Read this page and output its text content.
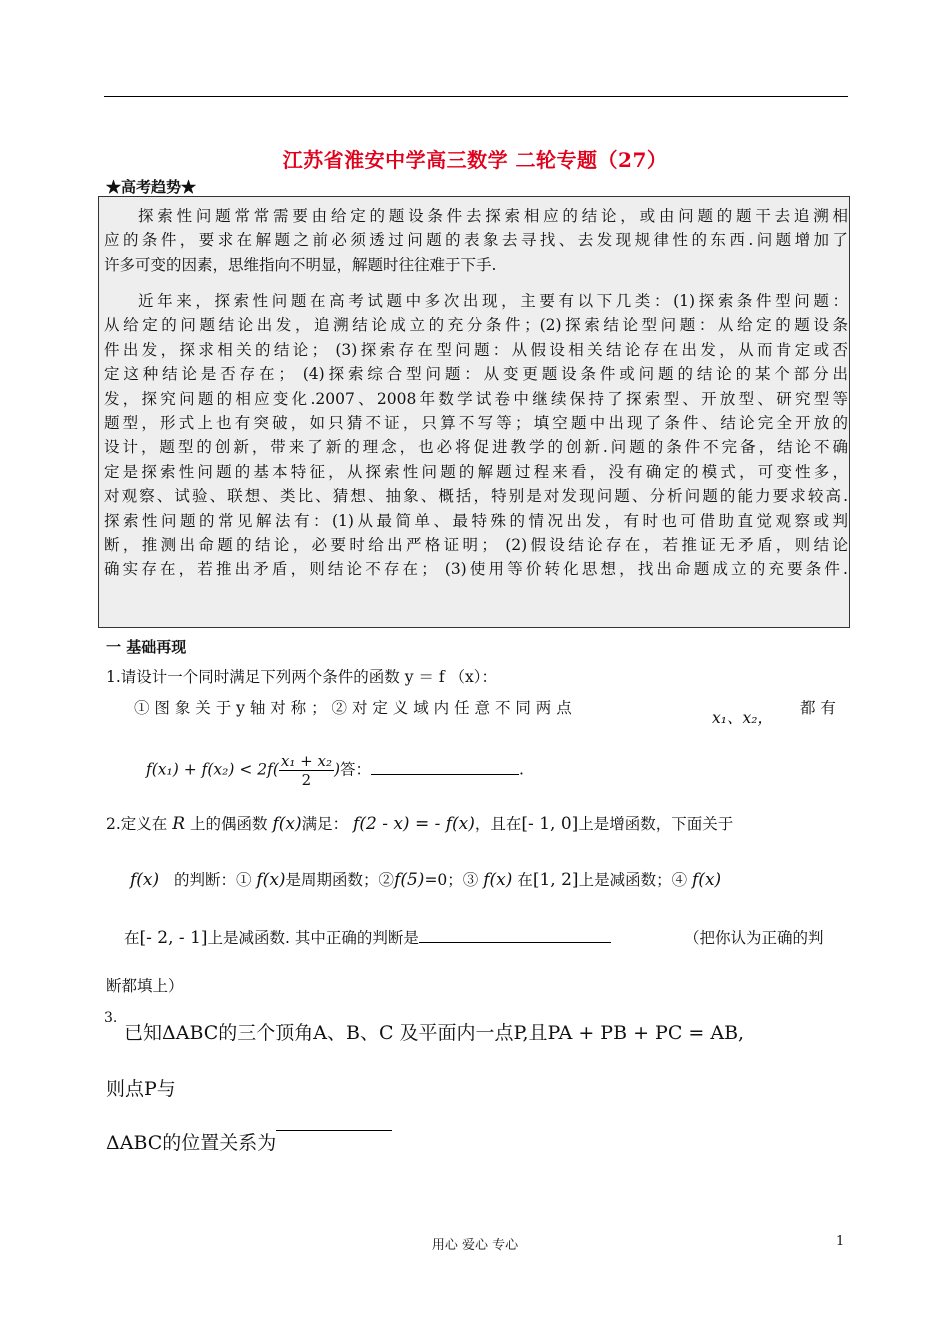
江苏省淮安中学高三数学 二轮专题（27）
★高考趋势★
探索性问题常常需要由给定的题设条件去探索相应的结论，或由问题的题干去追溯相
应的条件，要求在解题之前必须透过问题的表象去寻找、去发现规律性的东西.问题增加了
许多可变的因素，思维指向不明显，解题时往往难于下手.
近年来，探索性问题在高考试题中多次出现，主要有以下几类：(1)探索条件型问题：
从给定的问题结论出发，追溯结论成立的充分条件；(2)探索结论型问题：从给定的题设条
件出发，探求相关的结论； (3)探索存在型问题：从假设相关结论存在出发，从而肯定或否
定这种结论是否存在； (4)探索综合型问题：从变更题设条件或问题的结论的某个部分出
发，探究问题的相应变化.2007、2008年数学试卷中继续保持了探索型、开放型、研究型等
题型，形式上也有突破，如只猜不证，只算不写等；填空题中出现了条件、结论完全开放的
设计，题型的创新，带来了新的理念，也必将促进教学的创新.问题的条件不完备，结论不确
定是探索性问题的基本特征，从探索性问题的解题过程来看，没有确定的模式，可变性多，
对观察、试验、联想、类比、猜想、抽象、概括，特别是对发现问题、分析问题的能力要求较高.
探索性问题的常见解法有：(1)从最简单、最特殊的情况出发，有时也可借助直觉观察或判
断，推测出命题的结论，必要时给出严格证明； (2)假设结论存在，若推证无矛盾，则结论
确实存在，若推出矛盾，则结论不存在； (3)使用等价转化思想，找出命题成立的充要条件.
一 基础再现
1.请设计一个同时满足下列两个条件的函数 y ＝ f （x）：
① 图 象 关 于 y 轴 对 称 ； ② 对 定 义 域 内 任 意 不 同 两 点
x₁、x₂，
都 有
$f(x_1) + f(x_2) < 2f( \frac{\text{x₁ + x₂}}{2}$ )答：	.
2.定义在 R 上的偶函数 f(x)满足： f(2 - x) = - f(x)，且在[- 1, 0]上是增函数，下面关于
f(x) 的判断：① f(x)是周期函数；②f(5)=0；③ f(x) 在[1, 2]上是减函数；④ f(x)
在[- 2, - 1]上是减函数. 其中正确的判断是	（把你认为正确的判
断都填上）
3.
已知ΔABC的三个顶角A、B、C 及平面内一点P,且PA + PB + PC = AB,
则点P与
ΔABC的位置关系为
用心 爱心 专心	1
